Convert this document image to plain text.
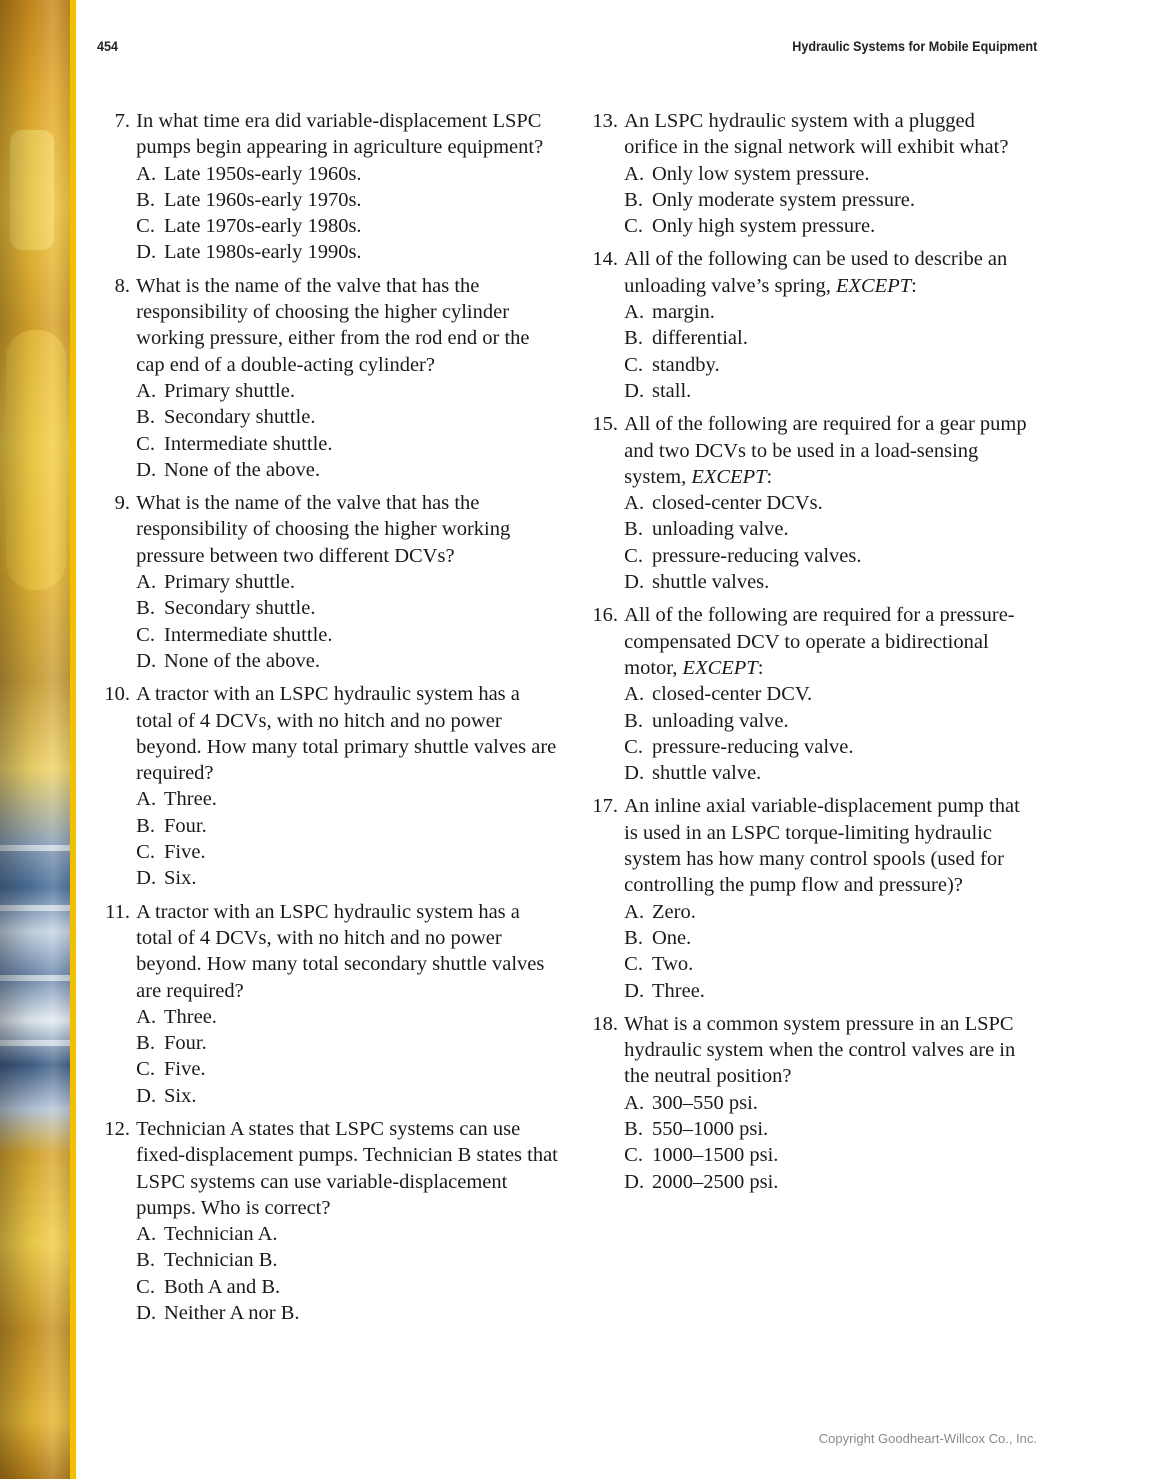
454	Hydraulic Systems for Mobile Equipment
7. In what time era did variable-displacement LSPC pumps begin appearing in agriculture equipment?
A. Late 1950s-early 1960s.
B. Late 1960s-early 1970s.
C. Late 1970s-early 1980s.
D. Late 1980s-early 1990s.
8. What is the name of the valve that has the responsibility of choosing the higher cylinder working pressure, either from the rod end or the cap end of a double-acting cylinder?
A. Primary shuttle.
B. Secondary shuttle.
C. Intermediate shuttle.
D. None of the above.
9. What is the name of the valve that has the responsibility of choosing the higher working pressure between two different DCVs?
A. Primary shuttle.
B. Secondary shuttle.
C. Intermediate shuttle.
D. None of the above.
10. A tractor with an LSPC hydraulic system has a total of 4 DCVs, with no hitch and no power beyond. How many total primary shuttle valves are required?
A. Three.
B. Four.
C. Five.
D. Six.
11. A tractor with an LSPC hydraulic system has a total of 4 DCVs, with no hitch and no power beyond. How many total secondary shuttle valves are required?
A. Three.
B. Four.
C. Five.
D. Six.
12. Technician A states that LSPC systems can use fixed-displacement pumps. Technician B states that LSPC systems can use variable-displacement pumps. Who is correct?
A. Technician A.
B. Technician B.
C. Both A and B.
D. Neither A nor B.
13. An LSPC hydraulic system with a plugged orifice in the signal network will exhibit what?
A. Only low system pressure.
B. Only moderate system pressure.
C. Only high system pressure.
14. All of the following can be used to describe an unloading valve’s spring, EXCEPT:
A. margin.
B. differential.
C. standby.
D. stall.
15. All of the following are required for a gear pump and two DCVs to be used in a load-sensing system, EXCEPT:
A. closed-center DCVs.
B. unloading valve.
C. pressure-reducing valves.
D. shuttle valves.
16. All of the following are required for a pressure-compensated DCV to operate a bidirectional motor, EXCEPT:
A. closed-center DCV.
B. unloading valve.
C. pressure-reducing valve.
D. shuttle valve.
17. An inline axial variable-displacement pump that is used in an LSPC torque-limiting hydraulic system has how many control spools (used for controlling the pump flow and pressure)?
A. Zero.
B. One.
C. Two.
D. Three.
18. What is a common system pressure in an LSPC hydraulic system when the control valves are in the neutral position?
A. 300–550 psi.
B. 550–1000 psi.
C. 1000–1500 psi.
D. 2000–2500 psi.
Copyright Goodheart-Willcox Co., Inc.
